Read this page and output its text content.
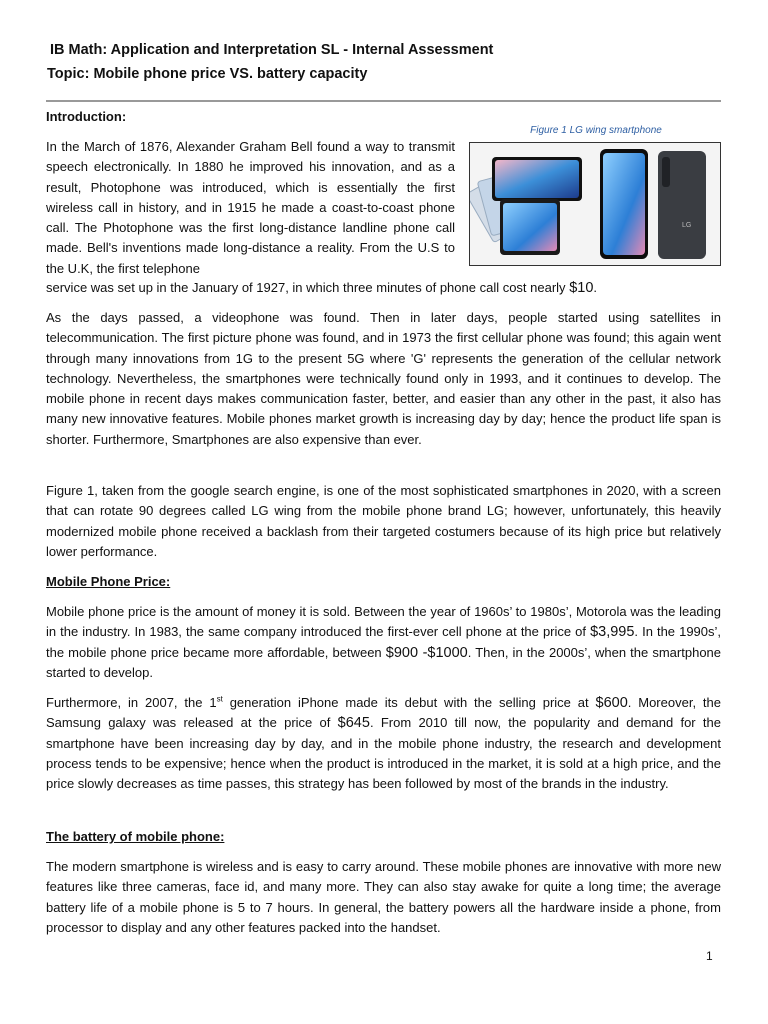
IB Math: Application and Interpretation SL - Internal Assessment
Topic: Mobile phone price VS. battery capacity
Introduction:
Figure 1 LG wing smartphone
LG

In the March of 1876, Alexander Graham Bell found a way to transmit speech electronically. In 1880 he improved his innovation, and as a result, Photophone was introduced, which is essentially the first wireless call in history, and in 1915 he made a coast-to-coast phone call. The Photophone was the first long-distance landline phone call made. Bell's inventions made long-distance a reality. From the U.S to the U.K, the first telephone

service was set up in the January of 1927, in which three minutes of phone call cost nearly $10.

As the days passed, a videophone was found. Then in later days, people started using satellites in telecommunication. The first picture phone was found, and in 1973 the first cellular phone was found; this again went through many innovations from 1G to the present 5G where 'G' represents the generation of the cellular network technology. Nevertheless, the smartphones were technically found only in 1993, and it continues to develop. The mobile phone in recent days makes communication faster, better, and easier than any other in the past, it also has many new innovative features. Mobile phones market growth is increasing day by day; hence the product life span is shorter. Furthermore, Smartphones are also expensive than ever.

Figure 1, taken from the google search engine, is one of the most sophisticated smartphones in 2020, with a screen that can rotate 90 degrees called LG wing from the mobile phone brand LG; however, unfortunately, this heavily modernized mobile phone received a backlash from their targeted costumers because of its high price but relatively lower performance.

Mobile Phone Price:

Mobile phone price is the amount of money it is sold. Between the year of 1960s’ to 1980s’, Motorola was the leading in the industry. In 1983, the same company introduced the first-ever cell phone at the price of $3,995. In the 1990s’, the mobile phone price became more affordable, between $900 -$1000. Then, in the 2000s’, when the smartphone started to develop.

Furthermore, in 2007, the 1st generation iPhone made its debut with the selling price at $600. Moreover, the Samsung galaxy was released at the price of $645. From 2010 till now, the popularity and demand for the smartphone have been increasing day by day, and in the mobile phone industry, the research and development process tends to be expensive; hence when the product is introduced in the market, it is sold at a high price, and the price slowly decreases as time passes, this strategy has been followed by most of the brands in the industry.

The battery of mobile phone:

The modern smartphone is wireless and is easy to carry around. These mobile phones are innovative with more new features like three cameras, face id, and many more. They can also stay awake for quite a long time; the average battery life of a mobile phone is 5 to 7 hours. In general, the battery powers all the hardware inside a phone, from processor to display and any other features packed into the handset.

1
